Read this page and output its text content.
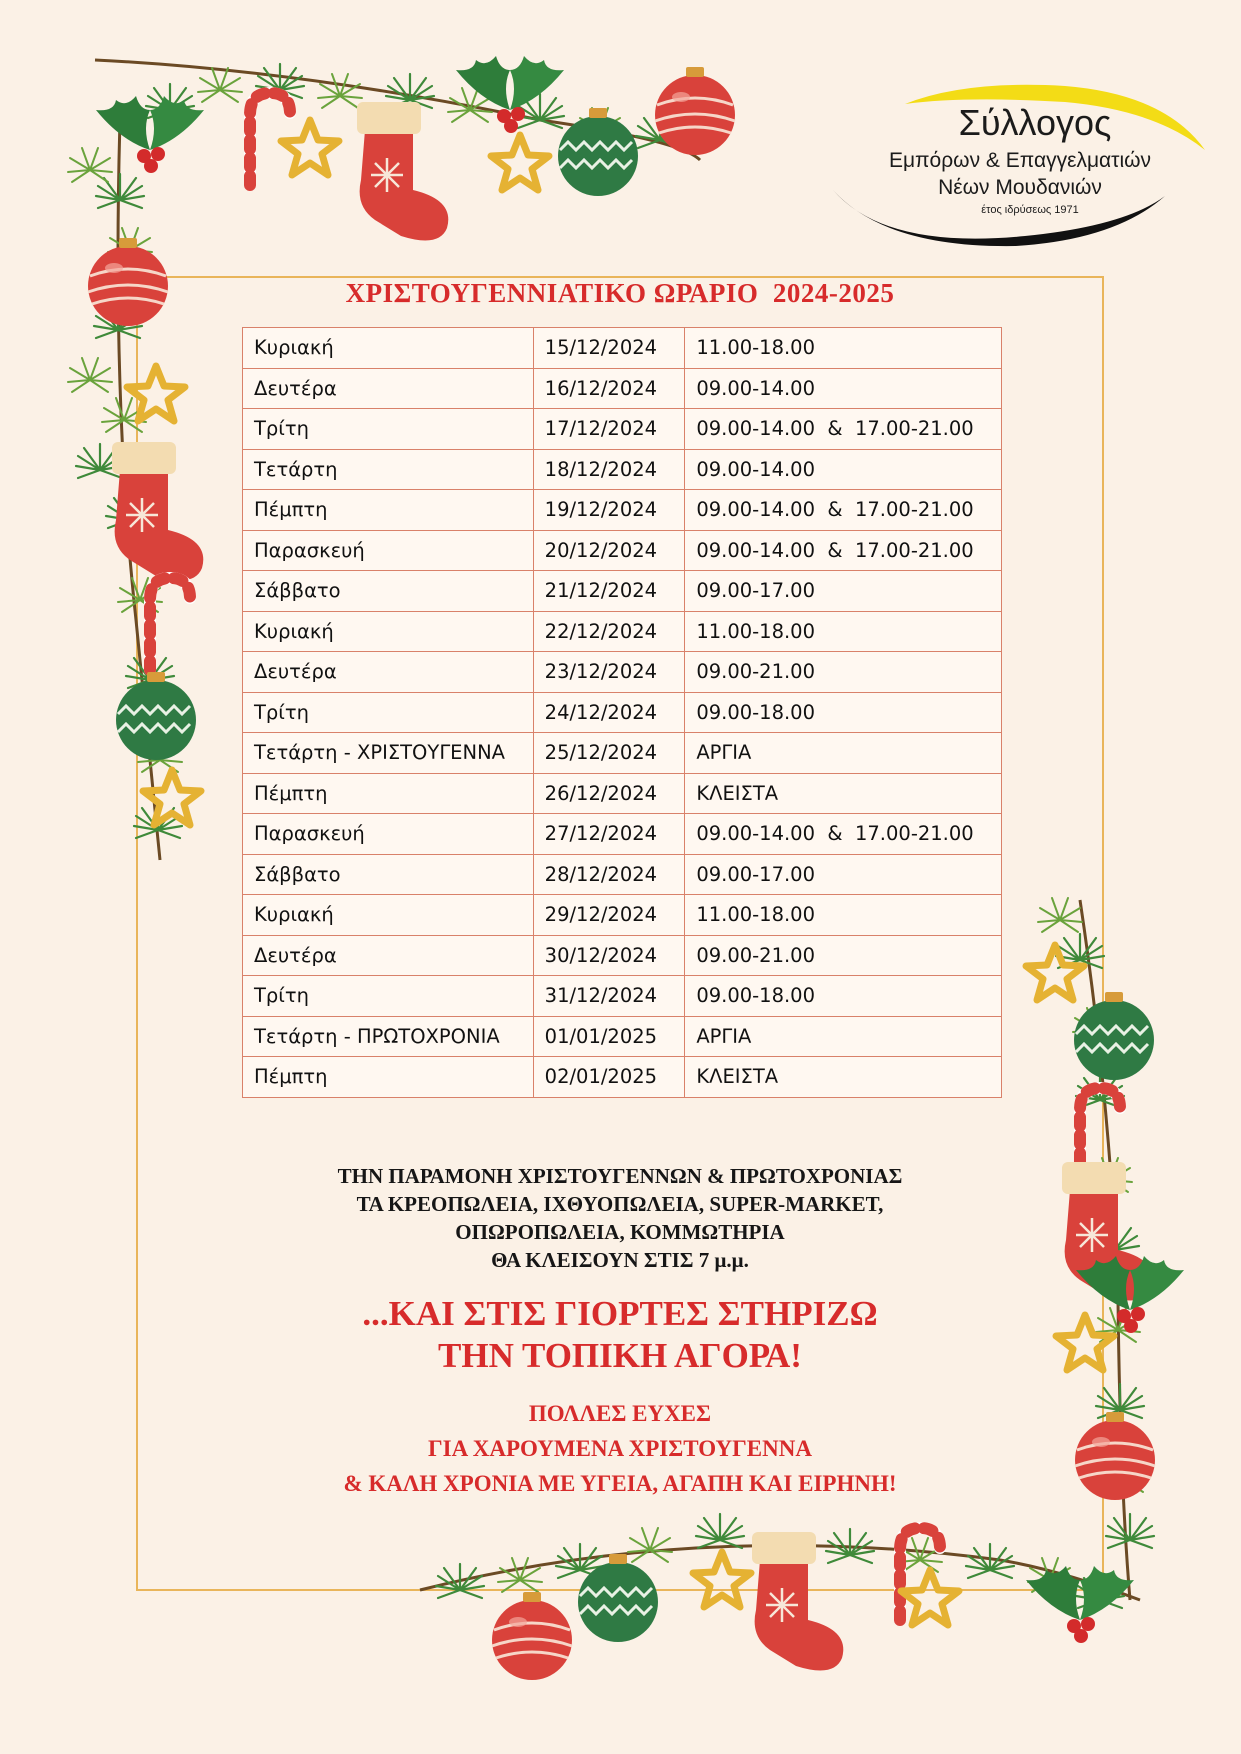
Σύλλογος
Εμπόρων & Επαγγελματιών
Νέων Μουδανιών
έτος ιδρύσεως 1971
ΧΡΙΣΤΟΥΓΕΝΝΙΑΤΙΚΟ ΩΡΑΡΙΟ  2024-2025
Κυριακή	15/12/2024	11.00-18.00
Δευτέρα	16/12/2024	09.00-14.00
Τρίτη	17/12/2024	09.00-14.00  &  17.00-21.00
Τετάρτη	18/12/2024	09.00-14.00
Πέμπτη	19/12/2024	09.00-14.00  &  17.00-21.00
Παρασκευή	20/12/2024	09.00-14.00  &  17.00-21.00
Σάββατο	21/12/2024	09.00-17.00
Κυριακή	22/12/2024	11.00-18.00
Δευτέρα	23/12/2024	09.00-21.00
Τρίτη	24/12/2024	09.00-18.00
Τετάρτη - ΧΡΙΣΤΟΥΓΕΝΝΑ	25/12/2024	ΑΡΓΙΑ
Πέμπτη	26/12/2024	ΚΛΕΙΣΤΑ
Παρασκευή	27/12/2024	09.00-14.00  &  17.00-21.00
Σάββατο	28/12/2024	09.00-17.00
Κυριακή	29/12/2024	11.00-18.00
Δευτέρα	30/12/2024	09.00-21.00
Τρίτη	31/12/2024	09.00-18.00
Τετάρτη - ΠΡΩΤΟΧΡΟΝΙΑ	01/01/2025	ΑΡΓΙΑ
Πέμπτη	02/01/2025	ΚΛΕΙΣΤΑ
ΤΗΝ ΠΑΡΑΜΟΝΗ ΧΡΙΣΤΟΥΓΕΝΝΩΝ & ΠΡΩΤΟΧΡΟΝΙΑΣ
ΤΑ ΚΡΕΟΠΩΛΕΙΑ, ΙΧΘΥΟΠΩΛΕΙΑ, SUPER-MARKET,
ΟΠΩΡΟΠΩΛΕΙΑ, ΚΟΜΜΩΤΗΡΙΑ
ΘΑ ΚΛΕΙΣΟΥΝ ΣΤΙΣ 7 μ.μ.
...ΚΑΙ ΣΤΙΣ ΓΙΟΡΤΕΣ ΣΤΗΡΙΖΩ
ΤΗΝ ΤΟΠΙΚΗ ΑΓΟΡΑ!
ΠΟΛΛΕΣ ΕΥΧΕΣ
ΓΙΑ ΧΑΡΟΥΜΕΝΑ ΧΡΙΣΤΟΥΓΕΝΝΑ
& ΚΑΛΗ ΧΡΟΝΙΑ ΜΕ ΥΓΕΙΑ, ΑΓΑΠΗ ΚΑΙ ΕΙΡΗΝΗ!
